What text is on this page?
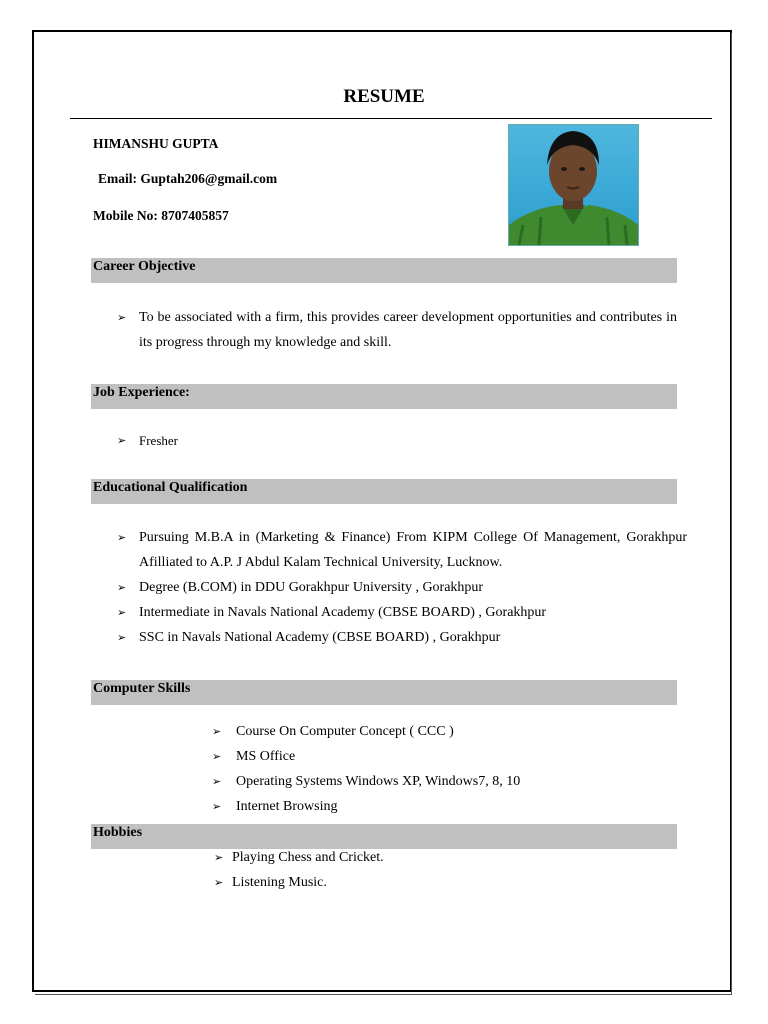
RESUME
HIMANSHU GUPTA
Email: Guptah206@gmail.com
Mobile No: 8707405857
Career Objective
➢ To be associated with a firm, this provides career development opportunities and contributes in its progress through my knowledge and skill.
Job Experience:
➢ Fresher
Educational Qualification
➢ Pursuing M.B.A in (Marketing & Finance) From KIPM College Of Management, Gorakhpur Afilliated to A.P. J Abdul Kalam Technical University, Lucknow.
➢ Degree (B.COM) in DDU Gorakhpur University , Gorakhpur
➢ Intermediate in Navals National Academy (CBSE BOARD) , Gorakhpur
➢ SSC in Navals National Academy (CBSE BOARD) , Gorakhpur
Computer Skills
➢ Course On Computer Concept ( CCC )
➢ MS Office
➢ Operating Systems Windows XP, Windows7, 8, 10
➢ Internet Browsing
Hobbies
➢ Playing Chess and Cricket.
➢ Listening Music.
